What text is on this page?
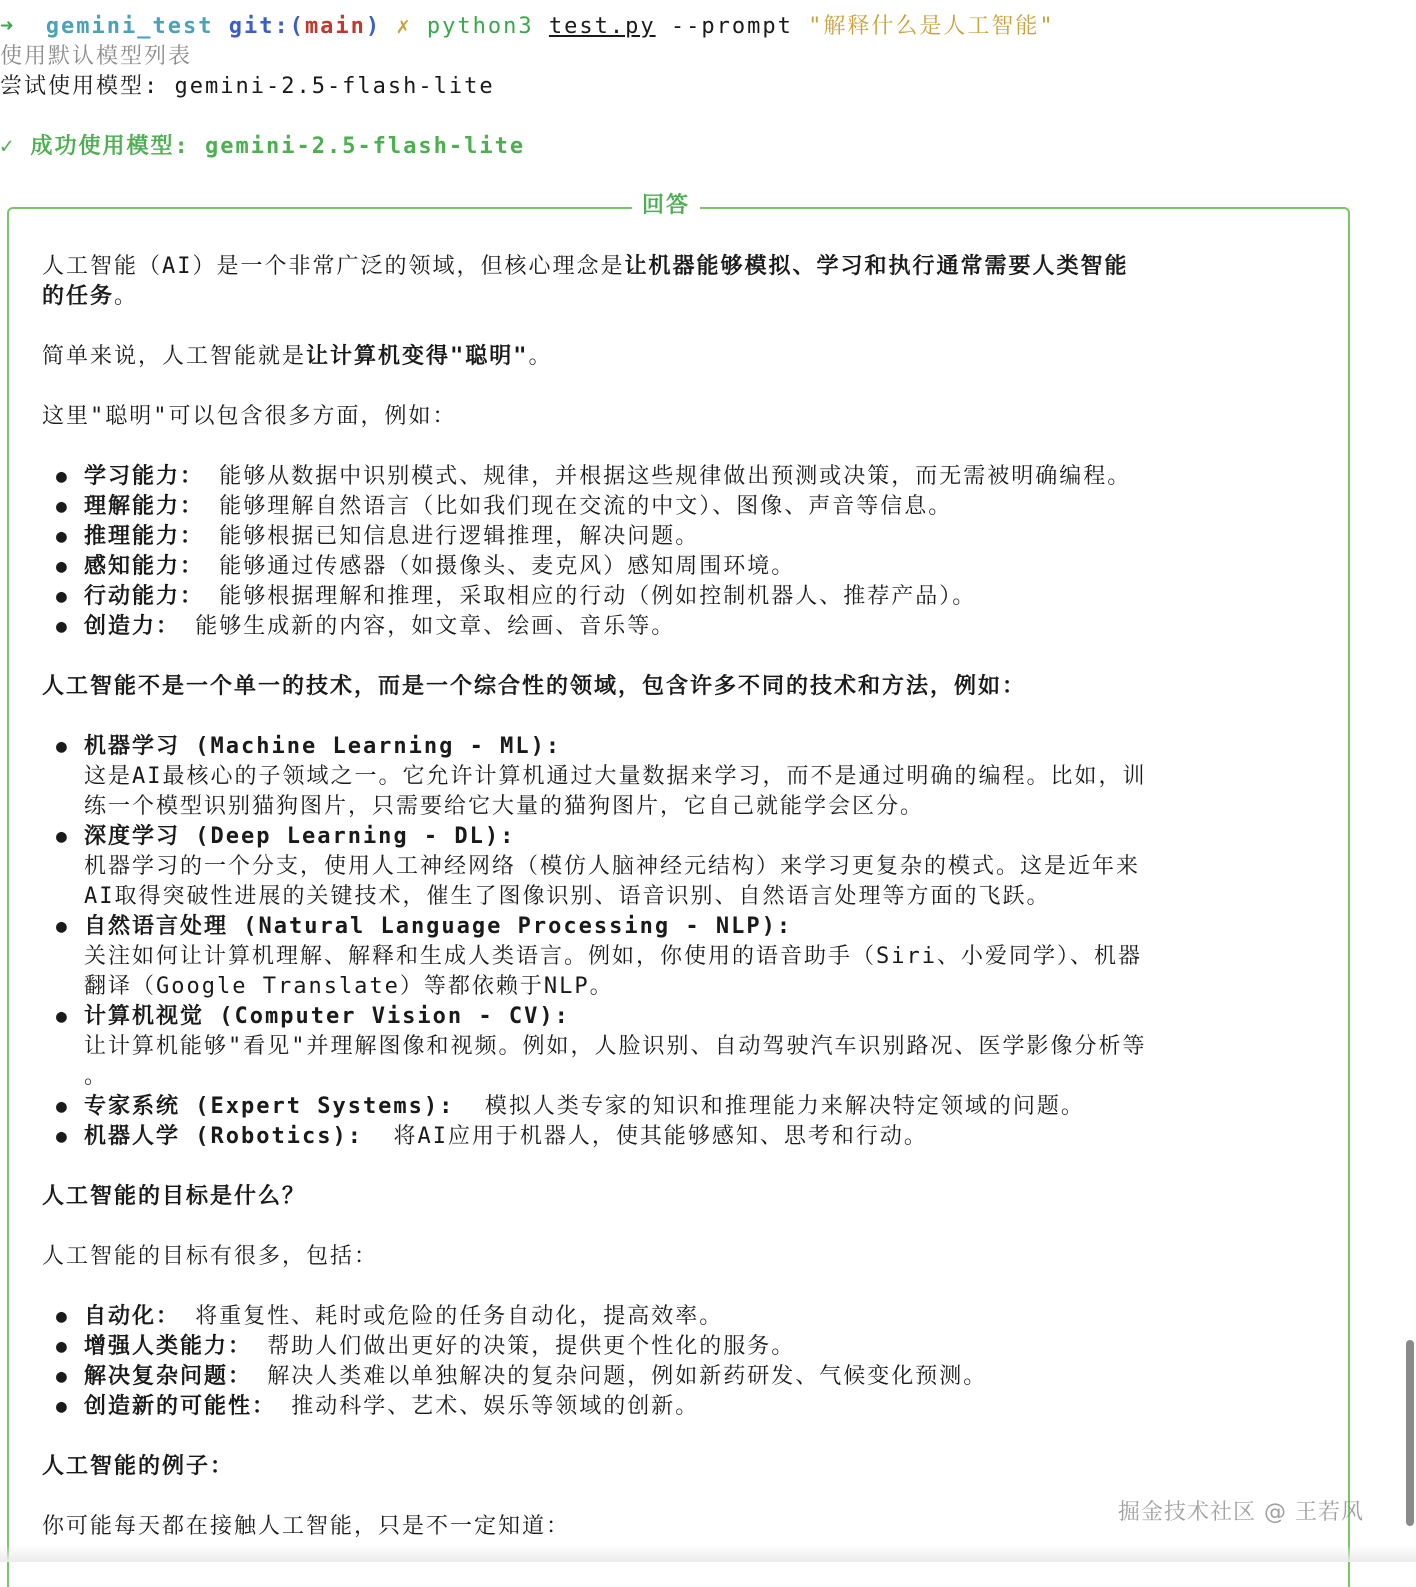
➜ gemini_test git:(main) ✗ python3 test.py --prompt "解释什么是人工智能"
使用默认模型列表
尝试使用模型: gemini-2.5-flash-lite
✓ 成功使用模型: gemini-2.5-flash-lite
回答
人工智能（AI）是一个非常广泛的领域，但核心理念是让机器能够模拟、学习和执行通常需要人类智能
的任务。
简单来说，人工智能就是让计算机变得"聪明"。
这里"聪明"可以包含很多方面，例如：
● 学习能力： 能够从数据中识别模式、规律，并根据这些规律做出预测或决策，而无需被明确编程。
● 理解能力： 能够理解自然语言（比如我们现在交流的中文）、图像、声音等信息。
● 推理能力： 能够根据已知信息进行逻辑推理，解决问题。
● 感知能力： 能够通过传感器（如摄像头、麦克风）感知周围环境。
● 行动能力： 能够根据理解和推理，采取相应的行动（例如控制机器人、推荐产品）。
● 创造力： 能够生成新的内容，如文章、绘画、音乐等。
人工智能不是一个单一的技术，而是一个综合性的领域，包含许多不同的技术和方法，例如：
● 机器学习 (Machine Learning - ML):
这是AI最核心的子领域之一。它允许计算机通过大量数据来学习，而不是通过明确的编程。比如，训
练一个模型识别猫狗图片，只需要给它大量的猫狗图片，它自己就能学会区分。
● 深度学习 (Deep Learning - DL):
机器学习的一个分支，使用人工神经网络（模仿人脑神经元结构）来学习更复杂的模式。这是近年来
AI取得突破性进展的关键技术，催生了图像识别、语音识别、自然语言处理等方面的飞跃。
● 自然语言处理 (Natural Language Processing - NLP):
关注如何让计算机理解、解释和生成人类语言。例如，你使用的语音助手（Siri、小爱同学）、机器
翻译（Google Translate）等都依赖于NLP。
● 计算机视觉 (Computer Vision - CV):
让计算机能够"看见"并理解图像和视频。例如，人脸识别、自动驾驶汽车识别路况、医学影像分析等
。
● 专家系统 (Expert Systems):  模拟人类专家的知识和推理能力来解决特定领域的问题。
● 机器人学 (Robotics):  将AI应用于机器人，使其能够感知、思考和行动。
人工智能的目标是什么？
人工智能的目标有很多，包括：
● 自动化： 将重复性、耗时或危险的任务自动化，提高效率。
● 增强人类能力： 帮助人们做出更好的决策，提供更个性化的服务。
● 解决复杂问题： 解决人类难以单独解决的复杂问题，例如新药研发、气候变化预测。
● 创造新的可能性： 推动科学、艺术、娱乐等领域的创新。
人工智能的例子：
你可能每天都在接触人工智能，只是不一定知道：
掘金技术社区 @ 王若风
